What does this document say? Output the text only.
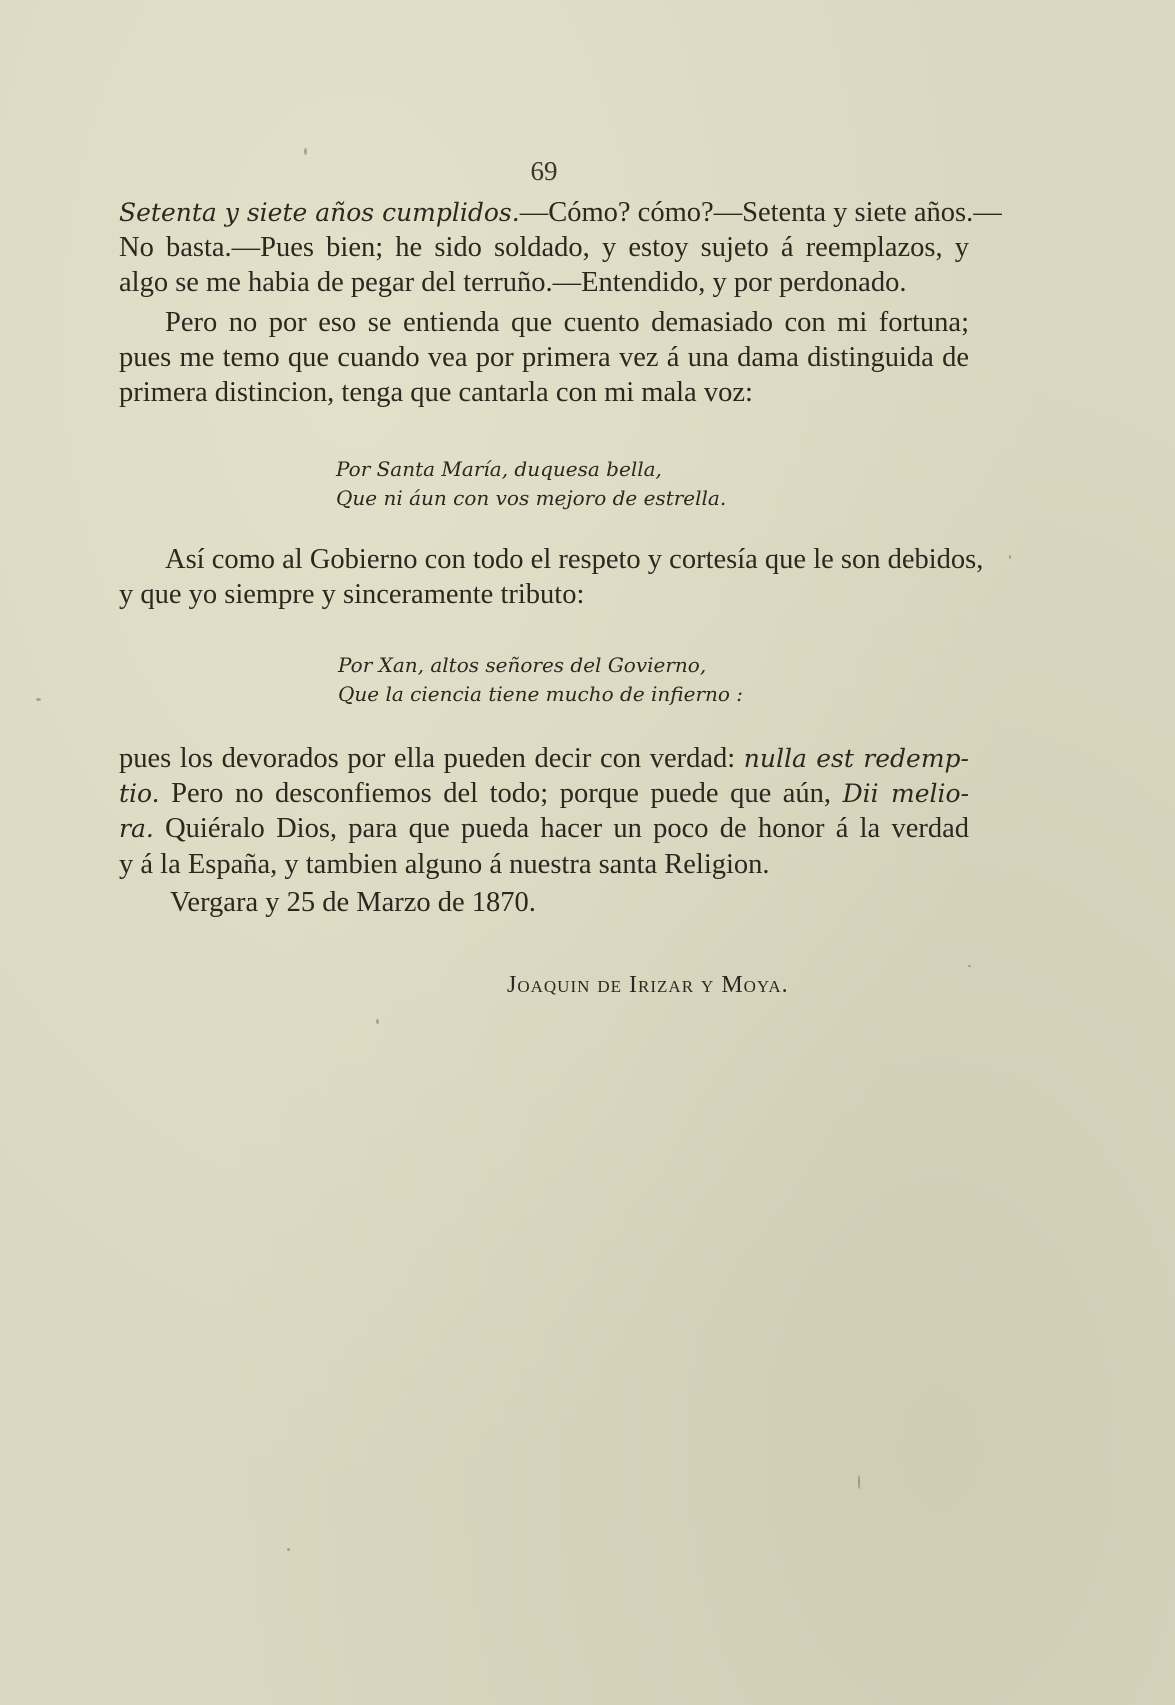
69
Setenta y siete años cumplidos.—Cómo? cómo?—Setenta y siete años.—
No basta.—Pues bien; he sido soldado, y estoy sujeto á reemplazos, y
algo se me habia de pegar del terruño.—Entendido, y por perdonado.
Pero no por eso se entienda que cuento demasiado con mi fortuna;
pues me temo que cuando vea por primera vez á una dama distinguida de
primera distincion, tenga que cantarla con mi mala voz:
Por Santa María, duquesa bella,
Que ni áun con vos mejoro de estrella.
Así como al Gobierno con todo el respeto y cortesía que le son debidos,
y que yo siempre y sinceramente tributo:
Por Xan, altos señores del Govierno,
Que la ciencia tiene mucho de infierno :
pues los devorados por ella pueden decir con verdad: nulla est redemp-
tio. Pero no desconfiemos del todo; porque puede que aún, Dii melio-
ra. Quiéralo Dios, para que pueda hacer un poco de honor á la verdad
y á la España, y tambien alguno á nuestra santa Religion.
Vergara y 25 de Marzo de 1870.
Joaquin de Irizar y Moya.
